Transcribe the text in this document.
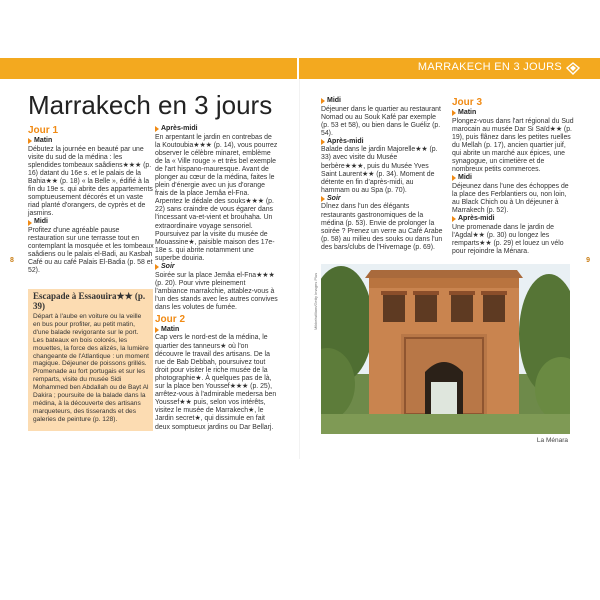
MARRAKECH EN 3 JOURS
Marrakech en 3 jours
8	9

Jour 1

Matin

Débutez la journée en beauté par une visite du sud de la médina : les splendides tombeaux saâdiens★★★ (p. 16) datant du 16e s. et le palais de la Bahia★★ (p. 18) « la Belle », édifié à la fin du 19e s. qui abrite des appartements somptueusement décorés et un vaste riad planté d'orangers, de cyprès et de jasmins.

Midi

Profitez d'une agréable pause restauration sur une terrasse tout en contemplant la mosquée et les tombeaux saâdiens ou le palais el-Badi, au Kasbah Café ou au café Palais El-Badia (p. 58 et 52).

Escapade à Essaouira★★ (p. 39)
Départ à l'aube en voiture ou la veille en bus pour profiter, au petit matin, d'une balade revigorante sur le port. Les bateaux en bois colorés, les mouettes, la force des alizés, la lumière changeante de l'Atlantique : un moment magique. Déjeuner de poissons grillés. Promenade au fort portugais et sur les remparts, visite du musée Sidi Mohammed ben Abdallah ou de Bayt Al Dakira ; poursuite de la balade dans la médina, à la découverte des artisans marqueteurs, des tisserands et des galeries de peinture (p. 128).
Après-midi

En arpentant le jardin en contrebas de la Koutoubia★★★ (p. 14), vous pourrez observer le célèbre minaret, emblème de la « Ville rouge » et très bel exemple de l'art hispano-mauresque. Avant de plonger au cœur de la médina, faites le plein d'énergie avec un jus d'orange frais de la place Jemâa el-Fna. Arpentez le dédale des souks★★★ (p. 22) sans craindre de vous égarer dans l'incessant va-et-vient et brouhaha. Un extraordinaire voyage sensoriel. Poursuivez par la visite du musée de Mouassine★, paisible maison des 17e-18e s. qui abrite notamment une superbe douiria.

Soir

Soirée sur la place Jemâa el-Fna★★★ (p. 20). Pour vivre pleinement l'ambiance marrakchie, attablez-vous à l'un des stands avec les autres convives dans les volutes de fumée.

Jour 2

Matin

Cap vers le nord-est de la médina, le quartier des tanneurs★ où l'on découvre le travail des artisans. De la rue de Bab Debbah, poursuivez tout droit pour visiter le riche musée de la photographie★. À quelques pas de là, sur la place ben Youssef★★★ (p. 25), arrêtez-vous à l'admirable medersa ben Youssef★★ puis, selon vos intérêts, visitez le musée de Marrakech★, le Jardin secret★, qui dissimule en fait deux somptueux jardins ou Dar Bellarj.

Midi

Déjeuner dans le quartier au restaurant Nomad ou au Souk Kafé par exemple (p. 53 et 58), ou bien dans le Guéliz (p. 54).

Après-midi

Balade dans le jardin Majorelle★★ (p. 33) avec visite du Musée berbère★★★, puis du Musée Yves Saint Laurent★★ (p. 34). Moment de détente en fin d'après-midi, au hammam ou au Spa (p. 70).

Soir

Dînez dans l'un des élégants restaurants gastronomiques de la médina (p. 53). Envie de prolonger la soirée ? Prenez un verre au Café Arabe (p. 58) au milieu des souks ou dans l'un des bars/clubs de l'Hivernage (p. 69).

Jour 3

Matin

Plongez-vous dans l'art régional du Sud marocain au musée Dar Si Saïd★★ (p. 19), puis flânez dans les petites ruelles du Mellah (p. 17), ancien quartier juif, qui abrite un marché aux épices, une synagogue, un cimetière et de nombreux petits commerces.

Midi

Déjeunez dans l'une des échoppes de la place des Ferblantiers ou, non loin, au Black Chich ou à Un déjeuner à Marrakech (p. 52).

Après-midi

Une promenade dans le jardin de l'Agdal★★ (p. 30) ou longez les remparts★★ (p. 29) et louez un vélo pour rejoindre la Ménara.

Mikkelwilliam/Getty Images Plus
La Ménara
